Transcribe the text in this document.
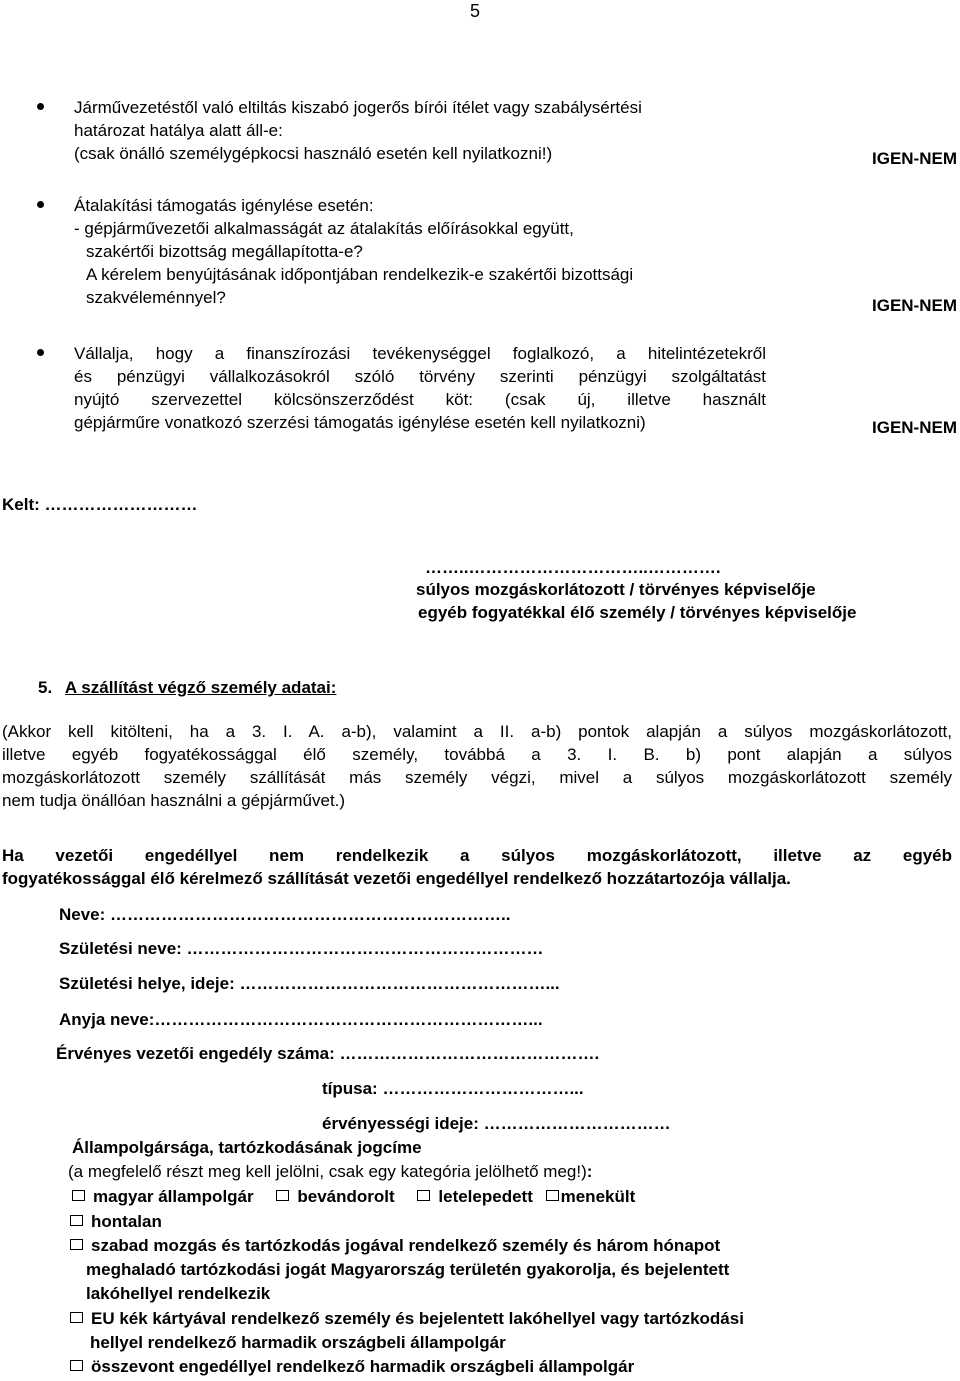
5
Járművezetéstől való eltiltás kiszabó jogerős bírói ítélet vagy szabálysértési
határozat hatálya alatt áll-e:
(csak önálló személygépkocsi használó esetén kell nyilatkozni!)	IGEN-NEM
Átalakítási támogatás igénylése esetén:
- gépjárművezetői alkalmasságát az átalakítás előírásokkal együtt,
szakértői bizottság megállapította-e?
A kérelem benyújtásának időpontjában rendelkezik-e szakértői bizottsági
szakvéleménnyel?	IGEN-NEM
Vállalja, hogy a finanszírozási tevékenységgel foglalkozó, a hitelintézetekről
és pénzügyi vállalkozásokról szóló törvény szerinti pénzügyi szolgáltatást
nyújtó szervezettel kölcsönszerződést köt: (csak új, illetve használt
gépjárműre vonatkozó szerzési támogatás igénylése esetén kell nyilatkozni)	IGEN-NEM
Kelt: ………………………
……..…………………………..………….
súlyos mozgáskorlátozott / törvényes képviselője
egyéb fogyatékkal élő személy / törvényes képviselője
5. A szállítást végző személy adatai:
(Akkor kell kitölteni, ha a 3. I. A. a-b), valamint a II. a-b) pontok alapján a súlyos mozgáskorlátozott,
illetve egyéb fogyatékossággal élő személy, továbbá a 3. I. B. b) pont alapján a súlyos
mozgáskorlátozott személy szállítását más személy végzi, mivel a súlyos mozgáskorlátozott személy
nem tudja önállóan használni a gépjárművet.)
Ha vezetői engedéllyel nem rendelkezik a súlyos mozgáskorlátozott, illetve az egyéb
fogyatékossággal élő kérelmező szállítását vezetői engedéllyel rendelkező hozzátartozója vállalja.
Neve: ……………………………………………………………..
Születési neve: ………………………………………………………
Születési helye, ideje: ………………………………………………...
Anyja neve:…………………………………………………………...
Érvényes vezetői engedély száma: ……………………………………….
típusa: ……………………………...
érvényességi ideje: ……………………………
Állampolgársága, tartózkodásának jogcíme
(a megfelelő részt meg kell jelölni, csak egy kategória jelölhető meg!):
magyar állampolgár	bevándorolt	letelepedett menekült
hontalan
szabad mozgás és tartózkodás jogával rendelkező személy és három hónapot
meghaladó tartózkodási jogát Magyarország területén gyakorolja, és bejelentett
lakóhellyel rendelkezik
EU kék kártyával rendelkező személy és bejelentett lakóhellyel vagy tartózkodási
hellyel rendelkező harmadik országbeli állampolgár
összevont engedéllyel rendelkező harmadik országbeli állampolgár
